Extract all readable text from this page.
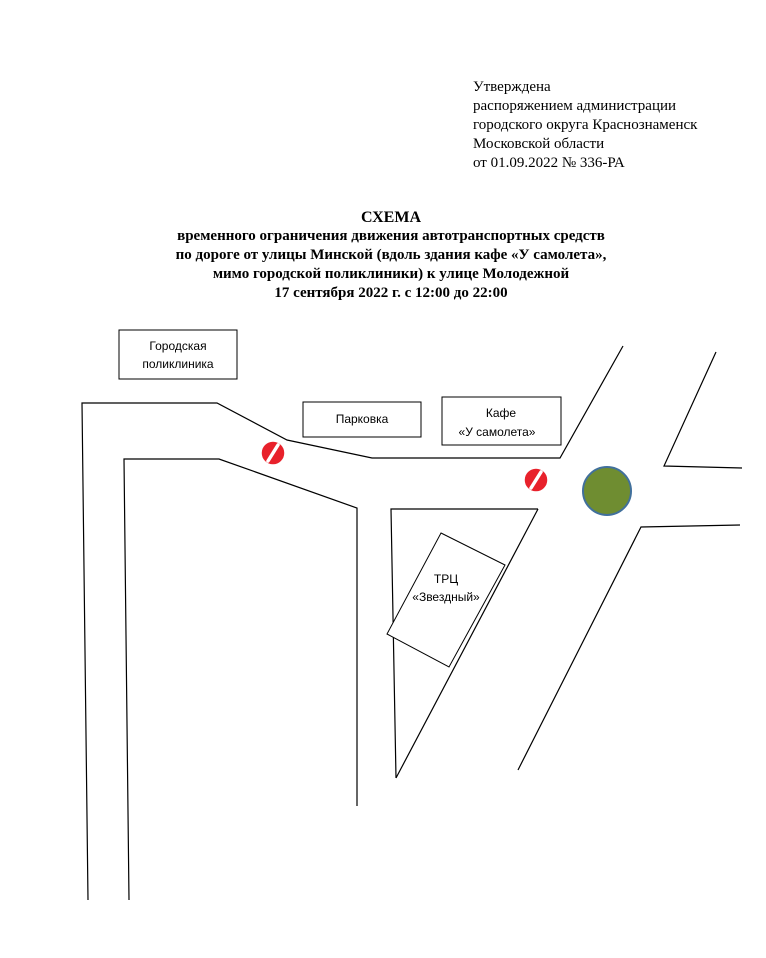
Утверждена
распоряжением администрации
городского округа Краснознаменск
Московской области
от 01.09.2022 № 336-РА
СХЕМА
временного ограничения движения автотранспортных средств
по дороге от улицы Минской (вдоль здания кафе «У самолета»,
мимо городской поликлиники) к улице Молодежной
17 сентября 2022 г. с 12:00 до 22:00
Городская
поликлиника
Парковка	Кафе
«У самолета»
ТРЦ
«Звездный»
